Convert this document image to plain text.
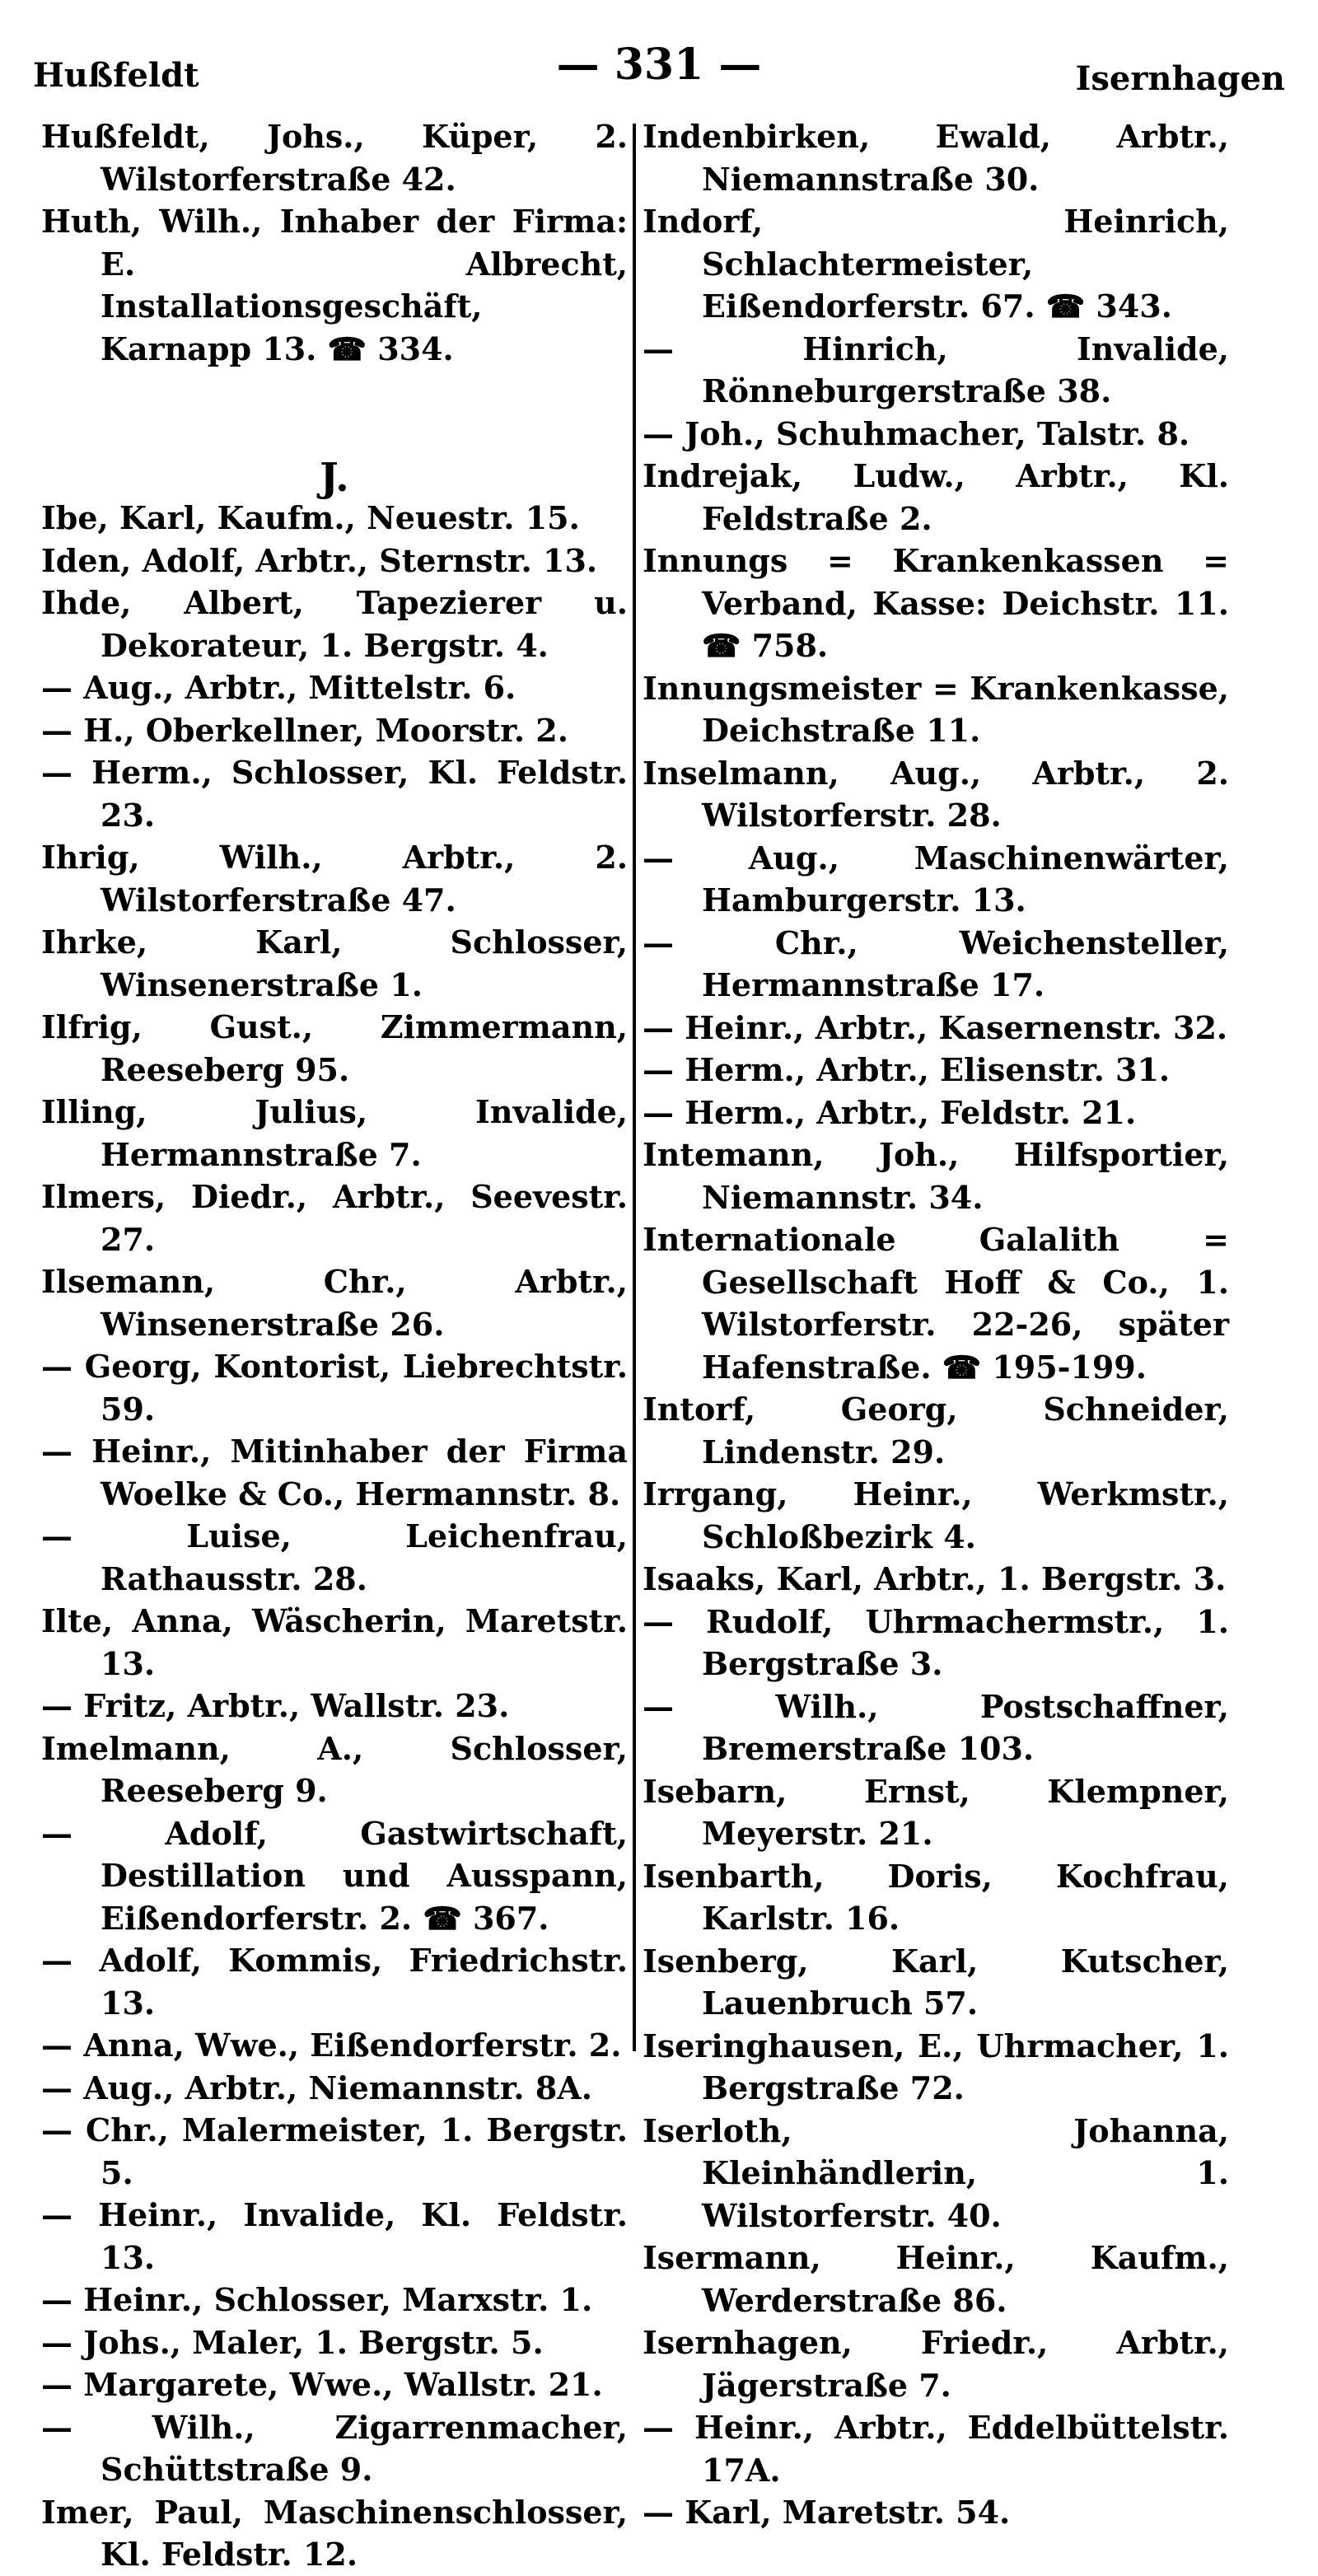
Hußfeldt	— 331 —	Isernhagen

Hußfeldt, Johs., Küper, 2. Wilstorferstraße 42.

Huth, Wilh., Inhaber der Firma: E. Albrecht, Installationsgeschäft, Karnapp 13. ☎ 334.

J.

Ibe, Karl, Kaufm., Neuestr. 15.

Iden, Adolf, Arbtr., Sternstr. 13.

Ihde, Albert, Tapezierer u. Dekorateur, 1. Bergstr. 4.

— Aug., Arbtr., Mittelstr. 6.

— H., Oberkellner, Moorstr. 2.

— Herm., Schlosser, Kl. Feldstr. 23.

Ihrig, Wilh., Arbtr., 2. Wilstorferstraße 47.

Ihrke, Karl, Schlosser, Winsenerstraße 1.

Ilfrig, Gust., Zimmermann, Reeseberg 95.

Illing, Julius, Invalide, Hermannstraße 7.

Ilmers, Diedr., Arbtr., Seevestr. 27.

Ilsemann, Chr., Arbtr., Winsenerstraße 26.

— Georg, Kontorist, Liebrechtstr. 59.

— Heinr., Mitinhaber der Firma Woelke & Co., Hermannstr. 8.

— Luise, Leichenfrau, Rathausstr. 28.

Ilte, Anna, Wäscherin, Maretstr. 13.

— Fritz, Arbtr., Wallstr. 23.

Imelmann, A., Schlosser, Reeseberg 9.

— Adolf, Gastwirtschaft, Destillation und Ausspann, Eißendorferstr. 2. ☎ 367.

— Adolf, Kommis, Friedrichstr. 13.

— Anna, Wwe., Eißendorferstr. 2.

— Aug., Arbtr., Niemannstr. 8A.

— Chr., Malermeister, 1. Bergstr. 5.

— Heinr., Invalide, Kl. Feldstr. 13.

— Heinr., Schlosser, Marxstr. 1.

— Johs., Maler, 1. Bergstr. 5.

— Margarete, Wwe., Wallstr. 21.

— Wilh., Zigarrenmacher, Schüttstraße 9.

Imer, Paul, Maschinenschlosser, Kl. Feldstr. 12.

Indenbirken, Ewald, Arbtr., Niemannstraße 30.

Indorf, Heinrich, Schlachtermeister, Eißendorferstr. 67. ☎ 343.

— Hinrich, Invalide, Rönneburgerstraße 38.

— Joh., Schuhmacher, Talstr. 8.

Indrejak, Ludw., Arbtr., Kl. Feldstraße 2.

Innungs = Krankenkassen = Verband, Kasse: Deichstr. 11. ☎ 758.

Innungsmeister = Krankenkasse, Deichstraße 11.

Inselmann, Aug., Arbtr., 2. Wilstorferstr. 28.

— Aug., Maschinenwärter, Hamburgerstr. 13.

— Chr., Weichensteller, Hermannstraße 17.

— Heinr., Arbtr., Kasernenstr. 32.

— Herm., Arbtr., Elisenstr. 31.

— Herm., Arbtr., Feldstr. 21.

Intemann, Joh., Hilfsportier, Niemannstr. 34.

Internationale Galalith = Gesellschaft Hoff & Co., 1. Wilstorferstr. 22-26, später Hafenstraße. ☎ 195-199.

Intorf, Georg, Schneider, Lindenstr. 29.

Irrgang, Heinr., Werkmstr., Schloßbezirk 4.

Isaaks, Karl, Arbtr., 1. Bergstr. 3.

— Rudolf, Uhrmachermstr., 1. Bergstraße 3.

— Wilh., Postschaffner, Bremerstraße 103.

Isebarn, Ernst, Klempner, Meyerstr. 21.

Isenbarth, Doris, Kochfrau, Karlstr. 16.

Isenberg, Karl, Kutscher, Lauenbruch 57.

Iseringhausen, E., Uhrmacher, 1. Bergstraße 72.

Iserloth, Johanna, Kleinhändlerin, 1. Wilstorferstr. 40.

Isermann, Heinr., Kaufm., Werderstraße 86.

Isernhagen, Friedr., Arbtr., Jägerstraße 7.

— Heinr., Arbtr., Eddelbüttelstr. 17A.

— Karl, Maretstr. 54.
